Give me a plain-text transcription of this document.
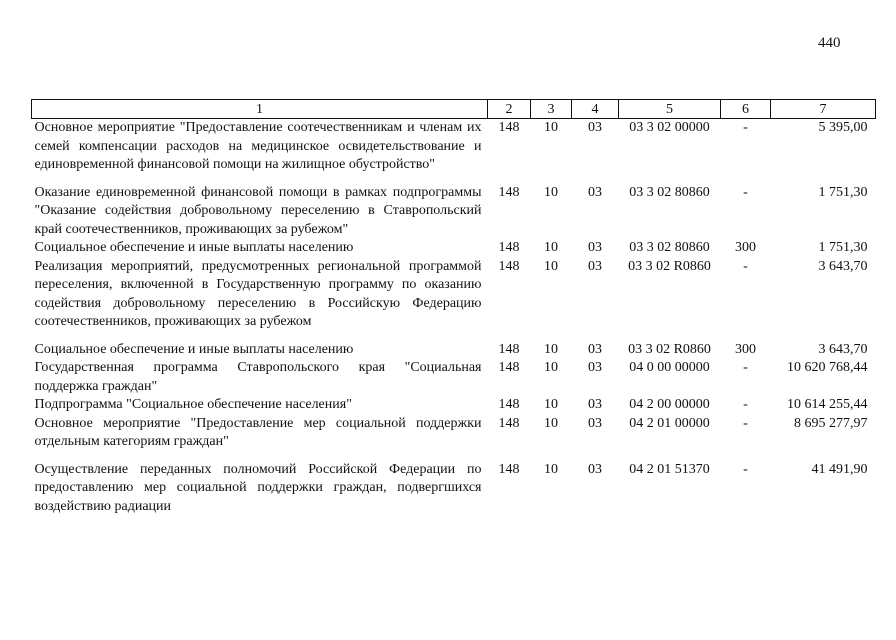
440
1	2	3	4	5	6	7
Основное мероприятие "Предоставление соотечественникам и членам их семей компенсации расходов на медицинское освидетельствование и единовременной финансовой помощи на жилищное обустройство"	148	10	03	03 3 02 00000	-	5 395,00
Оказание единовременной финансовой помощи в рамках подпрограммы "Оказание содействия добровольному переселению в Ставропольский край соотечественников, проживающих за рубежом"	148	10	03	03 3 02 80860	-	1 751,30
Социальное обеспечение и иные выплаты населению	148	10	03	03 3 02 80860	300	1 751,30
Реализация мероприятий, предусмотренных региональной программой переселения, включенной в Государственную программу по оказанию содействия добровольному переселению в Российскую Федерацию соотечественников, проживающих за рубежом	148	10	03	03 3 02 R0860	-	3 643,70
Социальное обеспечение и иные выплаты населению	148	10	03	03 3 02 R0860	300	3 643,70
Государственная программа Ставропольского края "Социальная поддержка граждан"	148	10	03	04 0 00 00000	-	10 620 768,44
Подпрограмма "Социальное обеспечение населения"	148	10	03	04 2 00 00000	-	10 614 255,44
Основное мероприятие "Предоставление мер социальной поддержки отдельным категориям граждан"	148	10	03	04 2 01 00000	-	8 695 277,97
Осуществление переданных полномочий Российской Федерации по предоставлению мер социальной поддержки граждан, подвергшихся воздействию радиации	148	10	03	04 2 01 51370	-	41 491,90
